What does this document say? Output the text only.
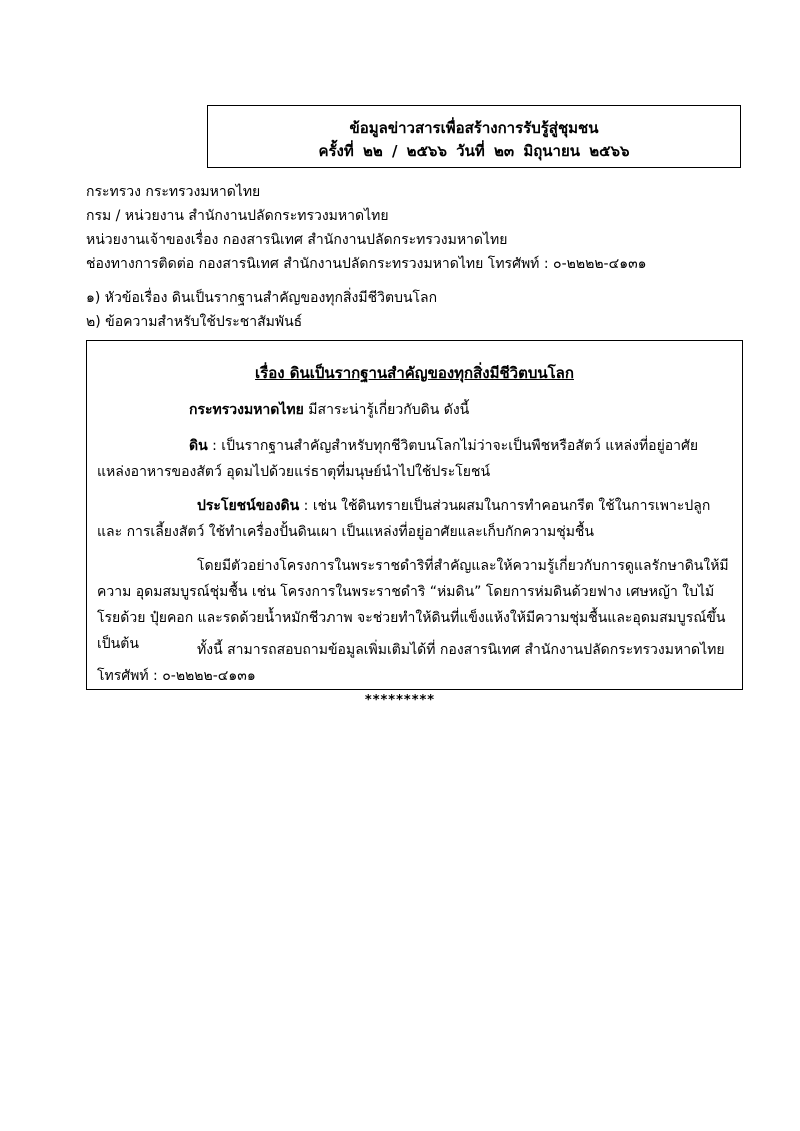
ข้อมูลข่าวสารเพื่อสร้างการรับรู้สู่ชุมชน
ครั้งที่ ๒๒ / ๒๕๖๖ วันที่ ๒๓ มิถุนายน ๒๕๖๖
กระทรวง กระทรวงมหาดไทย
กรม / หน่วยงาน สำนักงานปลัดกระทรวงมหาดไทย
หน่วยงานเจ้าของเรื่อง กองสารนิเทศ สำนักงานปลัดกระทรวงมหาดไทย
ช่องทางการติดต่อ กองสารนิเทศ สำนักงานปลัดกระทรวงมหาดไทย โทรศัพท์ : ๐-๒๒๒๒-๔๑๓๑
๑) หัวข้อเรื่อง ดินเป็นรากฐานสำคัญของทุกสิ่งมีชีวิตบนโลก
๒) ข้อความสำหรับใช้ประชาสัมพันธ์
เรื่อง ดินเป็นรากฐานสำคัญของทุกสิ่งมีชีวิตบนโลก
กระทรวงมหาดไทย มีสาระน่ารู้เกี่ยวกับดิน ดังนี้
ดิน : เป็นรากฐานสำคัญสำหรับทุกชีวิตบนโลกไม่ว่าจะเป็นพืชหรือสัตว์ แหล่งที่อยู่อาศัย แหล่งอาหารของสัตว์ อุดมไปด้วยแร่ธาตุที่มนุษย์นำไปใช้ประโยชน์
ประโยชน์ของดิน : เช่น ใช้ดินทรายเป็นส่วนผสมในการทำคอนกรีต ใช้ในการเพาะปลูกและ การเลี้ยงสัตว์ ใช้ทำเครื่องปั้นดินเผา เป็นแหล่งที่อยู่อาศัยและเก็บกักความชุ่มชื้น
โดยมีตัวอย่างโครงการในพระราชดำริที่สำคัญและให้ความรู้เกี่ยวกับการดูแลรักษาดินให้มีความ อุดมสมบูรณ์ชุ่มชื้น เช่น โครงการในพระราชดำริ “ห่มดิน” โดยการห่มดินด้วยฟาง เศษหญ้า ใบไม้ โรยด้วย ปุ๋ยคอก และรดด้วยน้ำหมักชีวภาพ จะช่วยทำให้ดินที่แข็งแห้งให้มีความชุ่มชื้นและอุดมสมบูรณ์ขึ้น เป็นต้น	ทั้งนี้ สามารถสอบถามข้อมูลเพิ่มเติมได้ที่ กองสารนิเทศ สำนักงานปลัดกระทรวงมหาดไทย โทรศัพท์ : ๐-๒๒๒๒-๔๑๓๑
*********
